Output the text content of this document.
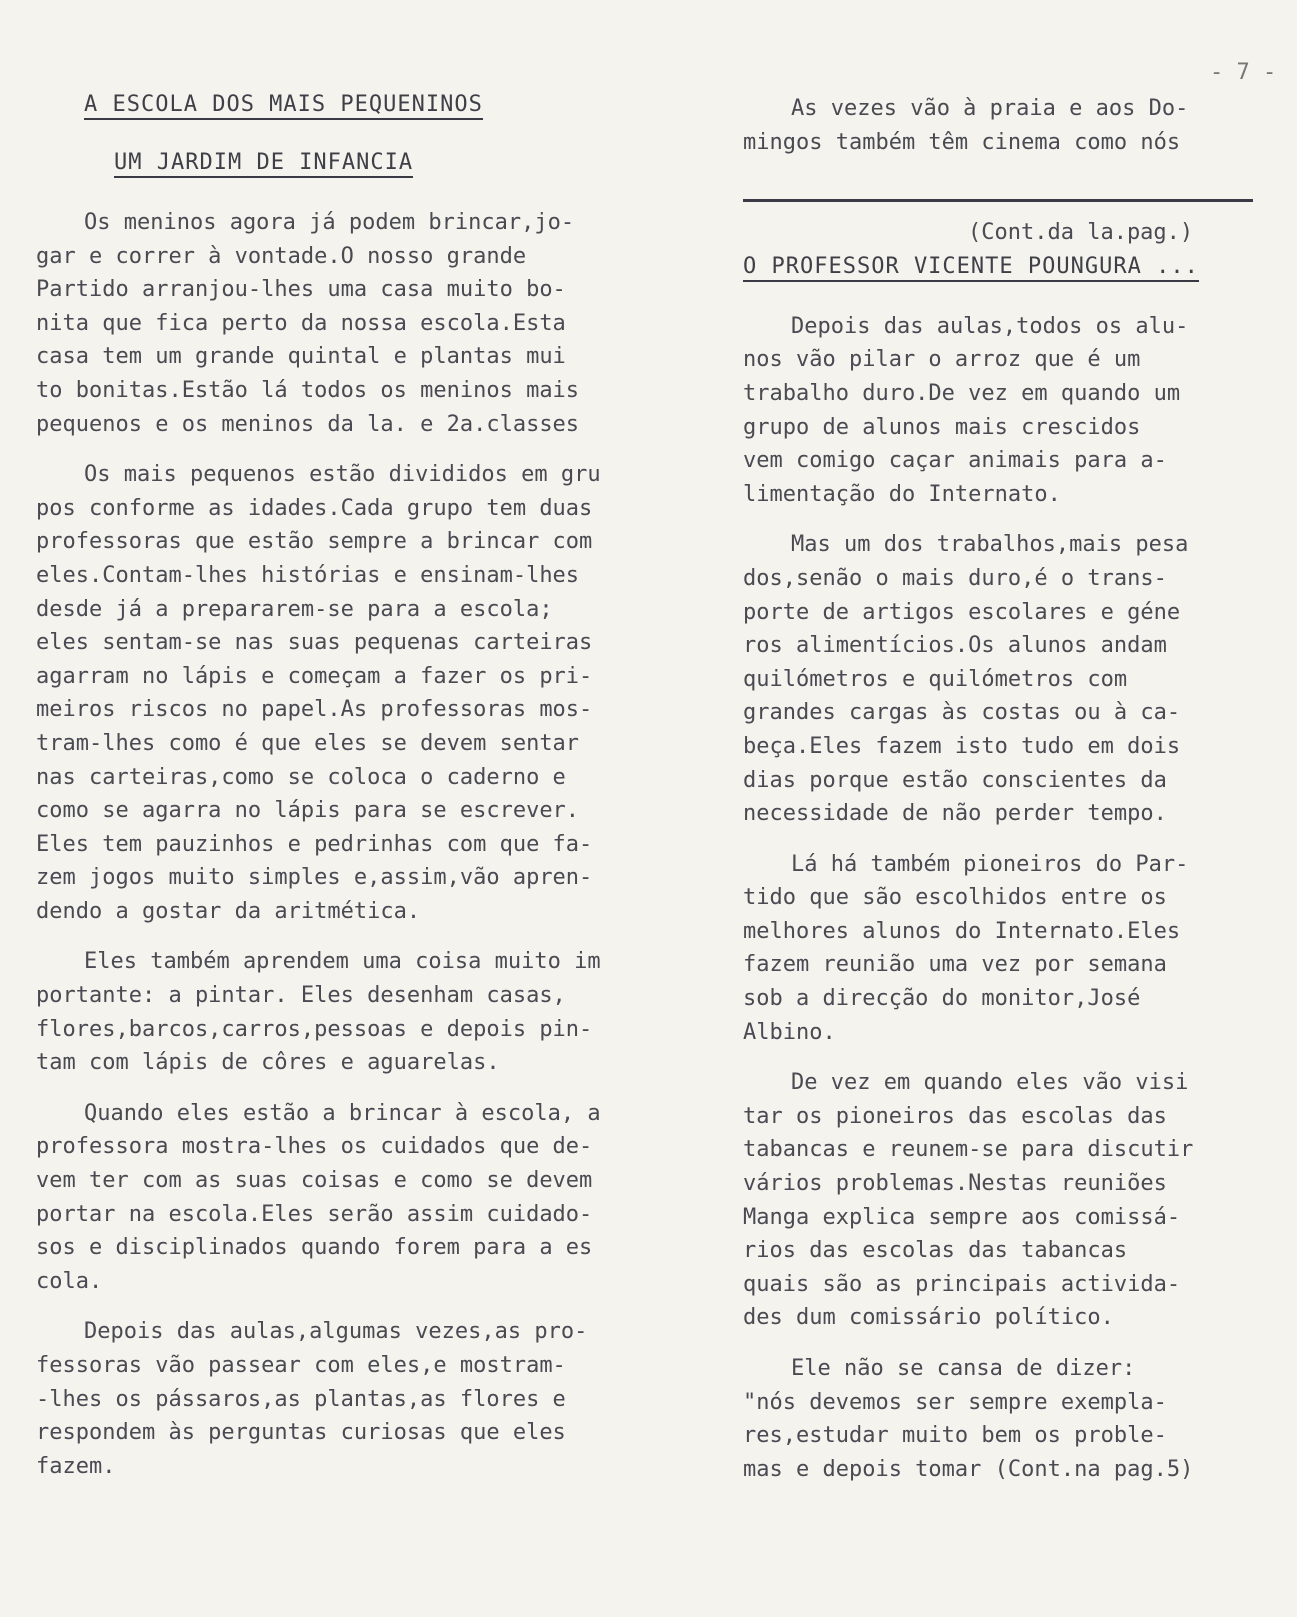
- 7 -
A ESCOLA DOS MAIS PEQUENINOS
UM JARDIM DE INFANCIA
Os meninos agora já podem brincar,jo-
gar e correr à vontade.O nosso grande
Partido arranjou-lhes uma casa muito bo-
nita que fica perto da nossa escola.Esta
casa tem um grande quintal e plantas mui
to bonitas.Estão lá todos os meninos mais
pequenos e os meninos da la. e 2a.classes
Os mais pequenos estão divididos em gru
pos conforme as idades.Cada grupo tem duas
professoras que estão sempre a brincar com
eles.Contam-lhes histórias e ensinam-lhes
desde já a prepararem-se para a escola;
eles sentam-se nas suas pequenas carteiras
agarram no lápis e começam a fazer os pri-
meiros riscos no papel.As professoras mos-
tram-lhes como é que eles se devem sentar
nas carteiras,como se coloca o caderno e
como se agarra no lápis para se escrever.
Eles tem pauzinhos e pedrinhas com que fa-
zem jogos muito simples e,assim,vão apren-
dendo a gostar da aritmética.
Eles também aprendem uma coisa muito im
portante: a pintar. Eles desenham casas,
flores,barcos,carros,pessoas e depois pin-
tam com lápis de côres e aguarelas.
Quando eles estão a brincar à escola, a
professora mostra-lhes os cuidados que de-
vem ter com as suas coisas e como se devem
portar na escola.Eles serão assim cuidado-
sos e disciplinados quando forem para a es
cola.
Depois das aulas,algumas vezes,as pro-
fessoras vão passear com eles,e mostram-
-lhes os pássaros,as plantas,as flores e
respondem às perguntas curiosas que eles
fazem.
As vezes vão à praia e aos Do-
mingos também têm cinema como nós
(Cont.da la.pag.)
O PROFESSOR VICENTE POUNGURA ...
Depois das aulas,todos os alu-
nos vão pilar o arroz que é um
trabalho duro.De vez em quando um
grupo de alunos mais crescidos
vem comigo caçar animais para a-
limentação do Internato.
Mas um dos trabalhos,mais pesa
dos,senão o mais duro,é o trans-
porte de artigos escolares e géne
ros alimentícios.Os alunos andam
quilómetros e quilómetros com
grandes cargas às costas ou à ca-
beça.Eles fazem isto tudo em dois
dias porque estão conscientes da
necessidade de não perder tempo.
Lá há também pioneiros do Par-
tido que são escolhidos entre os
melhores alunos do Internato.Eles
fazem reunião uma vez por semana
sob a direcção do monitor,José
Albino.
De vez em quando eles vão visi
tar os pioneiros das escolas das
tabancas e reunem-se para discutir
vários problemas.Nestas reuniões
Manga explica sempre aos comissá-
rios das escolas das tabancas
quais são as principais activida-
des dum comissário político.
Ele não se cansa de dizer:
"nós devemos ser sempre exempla-
res,estudar muito bem os proble-
mas e depois tomar (Cont.na pag.5)
